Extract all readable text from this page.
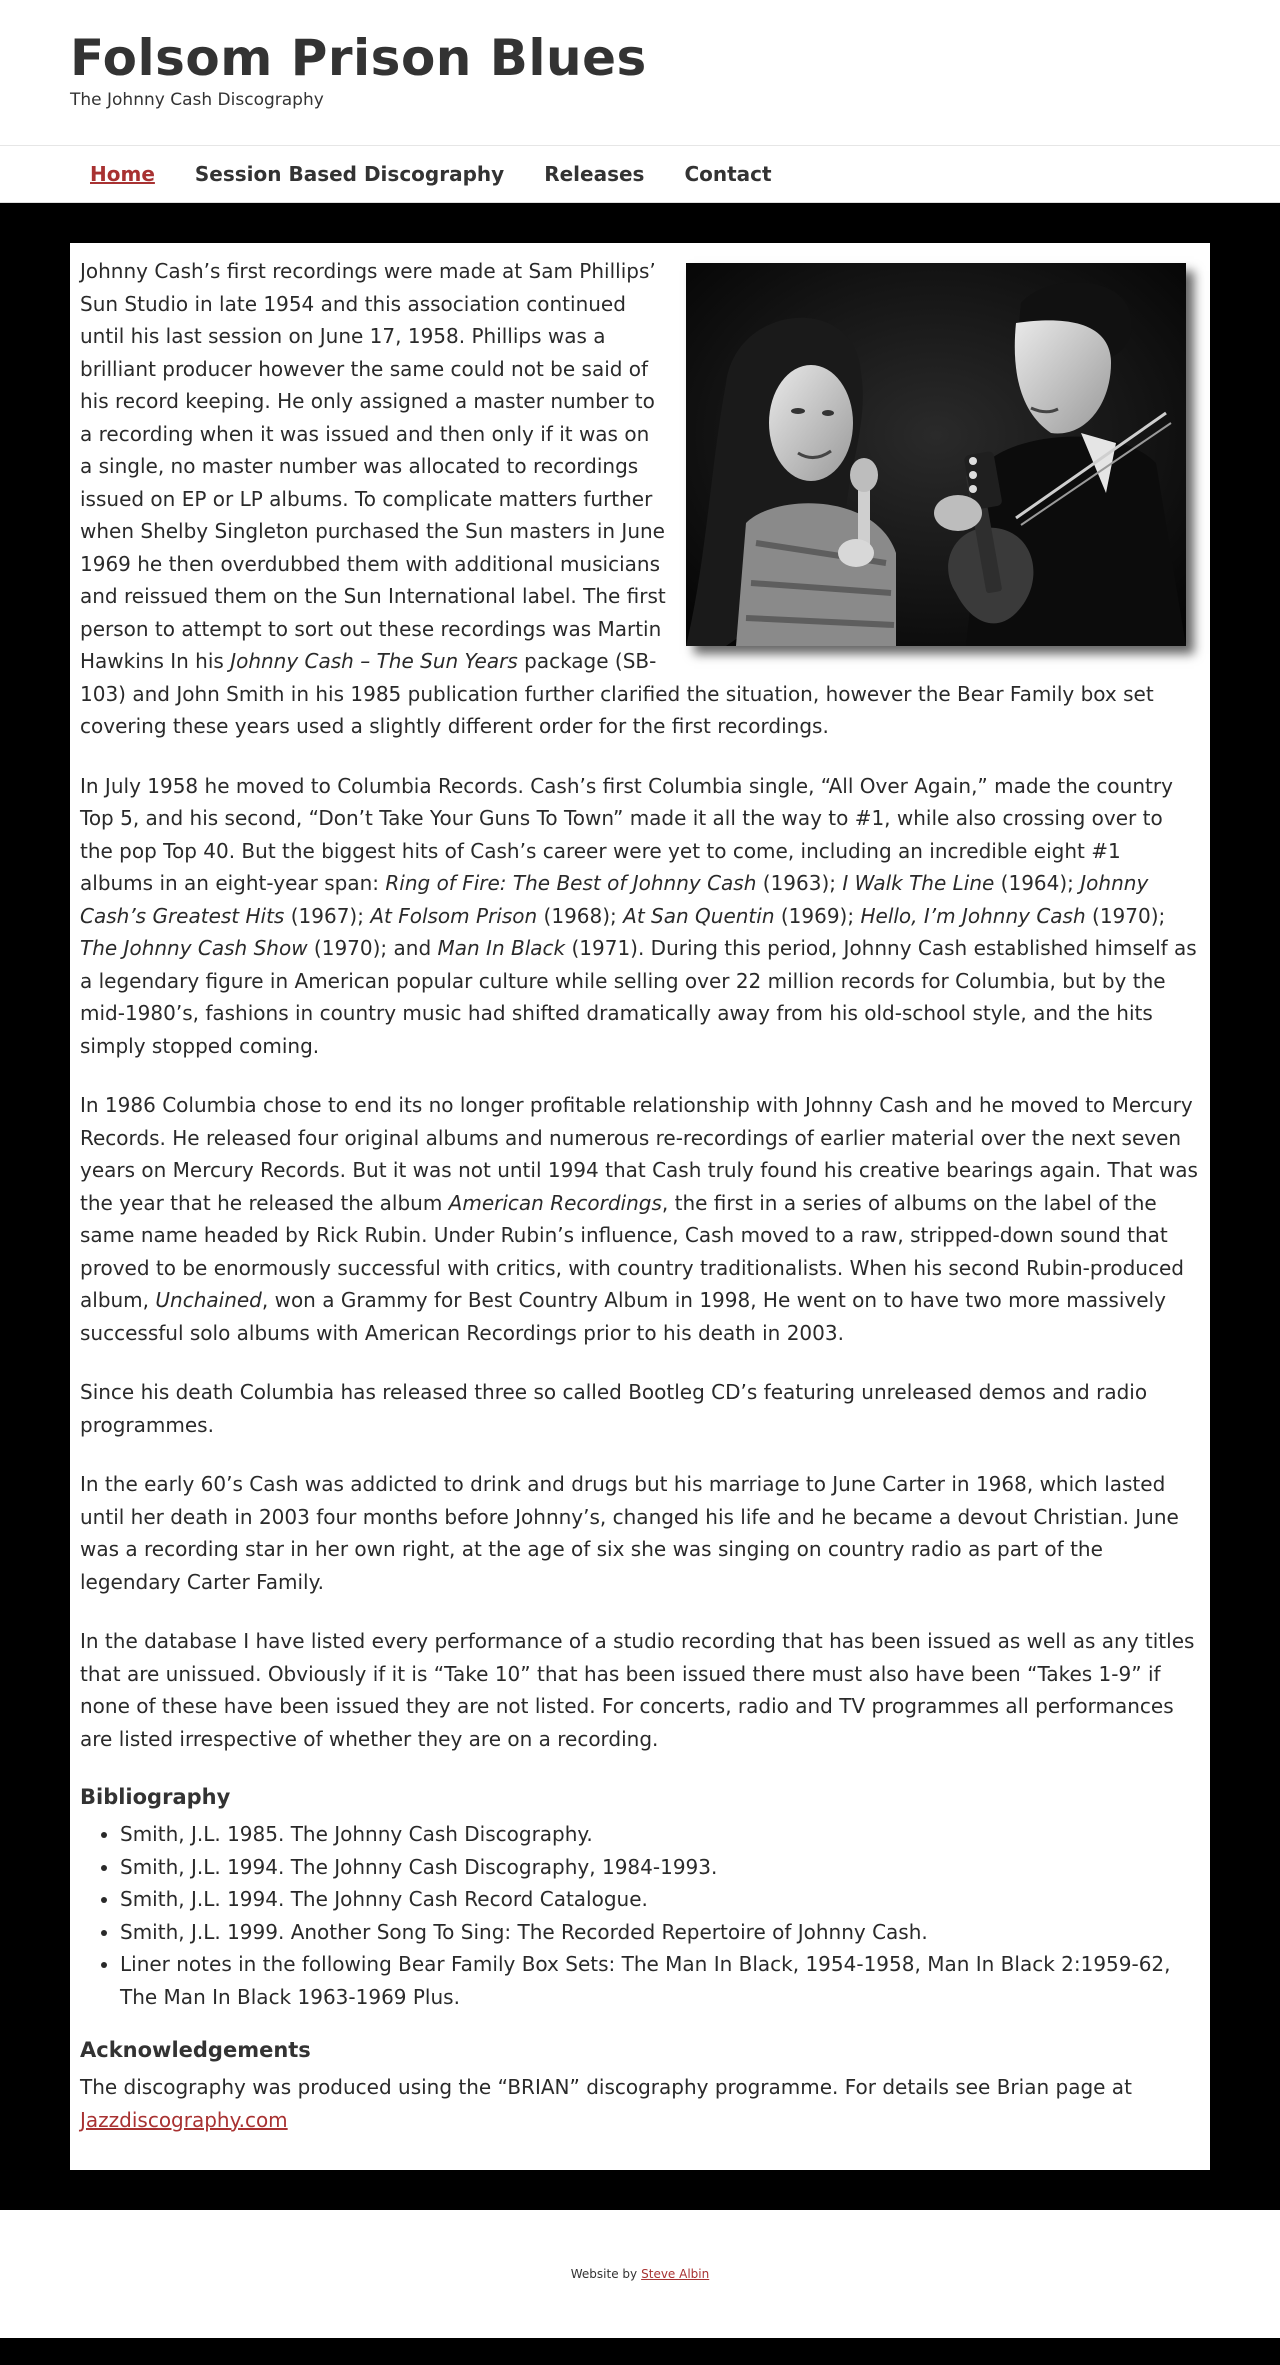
Folsom Prison Blues

The Johnny Cash Discography

Home	Session Based Discography	Releases	Contact

Johnny Cash’s first recordings were made at Sam Phillips’ Sun Studio in late 1954 and this association continued until his last session on June 17, 1958. Phillips was a brilliant producer however the same could not be said of his record keeping. He only assigned a master number to a recording when it was issued and then only if it was on a single, no master number was allocated to recordings issued on EP or LP albums. To complicate matters further when Shelby Singleton purchased the Sun masters in June 1969 he then overdubbed them with additional musicians and reissued them on the Sun International label. The first person to attempt to sort out these recordings was Martin Hawkins In his Johnny Cash – The Sun Years package (SB-103) and John Smith in his 1985 publication further clarified the situation, however the Bear Family box set covering these years used a slightly different order for the first recordings.

In July 1958 he moved to Columbia Records. Cash’s first Columbia single, “All Over Again,” made the country Top 5, and his second, “Don’t Take Your Guns To Town” made it all the way to #1, while also crossing over to the pop Top 40. But the biggest hits of Cash’s career were yet to come, including an incredible eight #1 albums in an eight-year span: Ring of Fire: The Best of Johnny Cash (1963); I Walk The Line (1964); Johnny Cash’s Greatest Hits (1967); At Folsom Prison (1968); At San Quentin (1969); Hello, I’m Johnny Cash (1970); The Johnny Cash Show (1970); and Man In Black (1971). During this period, Johnny Cash established himself as a legendary figure in American popular culture while selling over 22 million records for Columbia, but by the mid-1980’s, fashions in country music had shifted dramatically away from his old-school style, and the hits simply stopped coming.

In 1986 Columbia chose to end its no longer profitable relationship with Johnny Cash and he moved to Mercury Records. He released four original albums and numerous re-recordings of earlier material over the next seven years on Mercury Records. But it was not until 1994 that Cash truly found his creative bearings again. That was the year that he released the album American Recordings, the first in a series of albums on the label of the same name headed by Rick Rubin. Under Rubin’s influence, Cash moved to a raw, stripped-down sound that proved to be enormously successful with critics, with country traditionalists. When his second Rubin-produced album, Unchained, won a Grammy for Best Country Album in 1998, He went on to have two more massively successful solo albums with American Recordings prior to his death in 2003.

Since his death Columbia has released three so called Bootleg CD’s featuring unreleased demos and radio programmes.

In the early 60’s Cash was addicted to drink and drugs but his marriage to June Carter in 1968, which lasted until her death in 2003 four months before Johnny’s, changed his life and he became a devout Christian. June was a recording star in her own right, at the age of six she was singing on country radio as part of the legendary Carter Family.

In the database I have listed every performance of a studio recording that has been issued as well as any titles that are unissued. Obviously if it is “Take 10” that has been issued there must also have been “Takes 1-9” if none of these have been issued they are not listed. For concerts, radio and TV programmes all performances are listed irrespective of whether they are on a recording.

Bibliography
• Smith, J.L. 1985. The Johnny Cash Discography.
• Smith, J.L. 1994. The Johnny Cash Discography, 1984-1993.
• Smith, J.L. 1994. The Johnny Cash Record Catalogue.
• Smith, J.L. 1999. Another Song To Sing: The Recorded Repertoire of Johnny Cash.
• Liner notes in the following Bear Family Box Sets: The Man In Black, 1954-1958, Man In Black 2:1959-62, The Man In Black 1963-1969 Plus.
Acknowledgements

The discography was produced using the “BRIAN” discography programme. For details see Brian page at
Jazzdiscography.com

Website by Steve Albin
